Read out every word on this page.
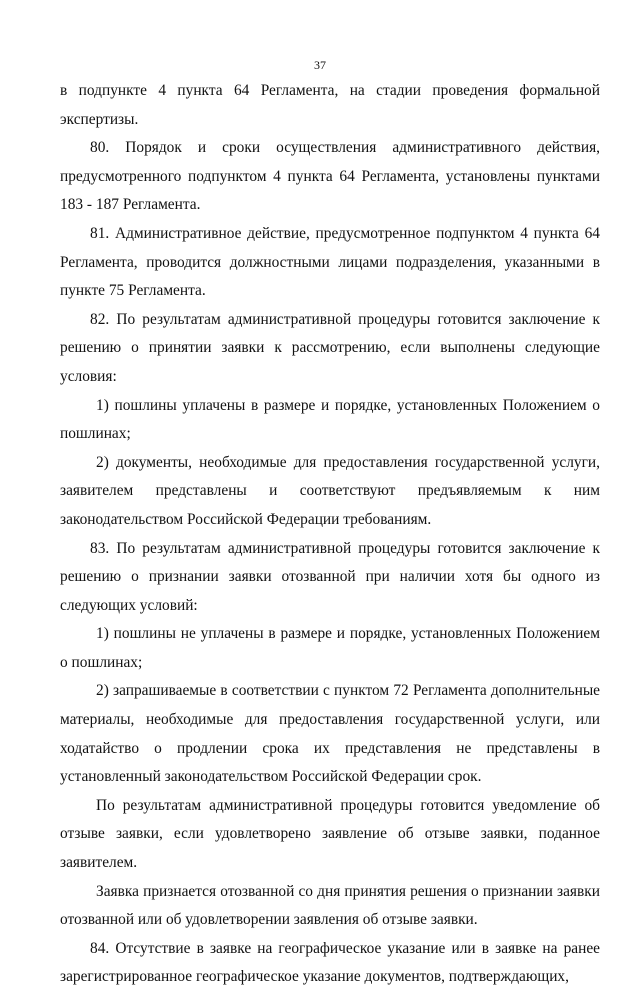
37

в подпункте 4 пункта 64 Регламента, на стадии проведения формальной экспертизы.

80. Порядок и сроки осуществления административного действия, предусмотренного подпунктом 4 пункта 64 Регламента, установлены пунктами 183 - 187 Регламента.

81. Административное действие, предусмотренное подпунктом 4 пункта 64 Регламента, проводится должностными лицами подразделения, указанными в пункте 75 Регламента.

82. По результатам административной процедуры готовится заключение к решению о принятии заявки к рассмотрению, если выполнены следующие условия:

1) пошлины уплачены в размере и порядке, установленных Положением о пошлинах;

2) документы, необходимые для предоставления государственной услуги, заявителем представлены и соответствуют предъявляемым к ним законодательством Российской Федерации требованиям.

83. По результатам административной процедуры готовится заключение к решению о признании заявки отозванной при наличии хотя бы одного из следующих условий:

1) пошлины не уплачены в размере и порядке, установленных Положением о пошлинах;

2) запрашиваемые в соответствии с пунктом 72 Регламента дополнительные материалы, необходимые для предоставления государственной услуги, или ходатайство о продлении срока их представления не представлены в установленный законодательством Российской Федерации срок.

По результатам административной процедуры готовится уведомление об отзыве заявки, если удовлетворено заявление об отзыве заявки, поданное заявителем.

Заявка признается отозванной со дня принятия решения о признании заявки отозванной или об удовлетворении заявления об отзыве заявки.

84. Отсутствие в заявке на географическое указание или в заявке на ранее зарегистрированное географическое указание документов, подтверждающих,
